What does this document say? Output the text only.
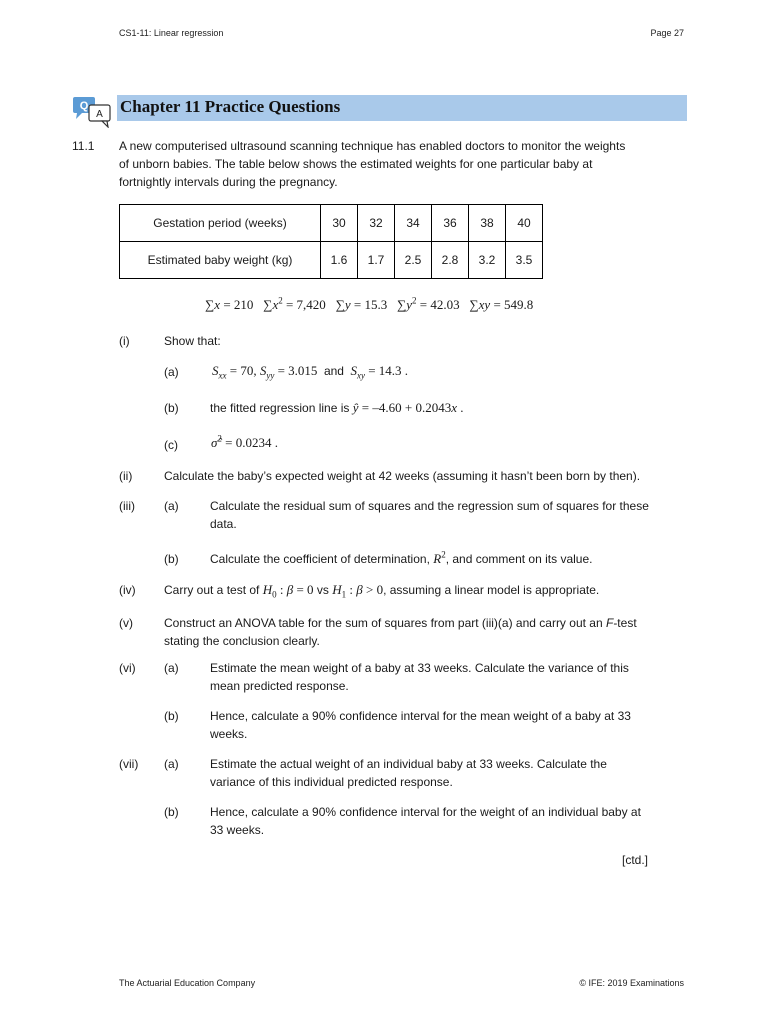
CS1-11: Linear regression	Page 27
The Actuarial Education Company	© IFE: 2019 Examinations
Q
A Chapter 11 Practice Questions
11.1 A new computerised ultrasound scanning technique has enabled doctors to monitor the weights
of unborn babies. The table below shows the estimated weights for one particular baby at
fortnightly intervals during the pregnancy.
Gestation period (weeks)	30	32	34	36	38	40
Estimated baby weight (kg)	1.6	1.7	2.5	2.8	3.2	3.5
∑x = 210 $\sum x^2 = 7,420$ ∑y = 15.3 $\sum y^2 = 42.03$ ∑xy = 549.8
(i)	Show that:
(a)	$S_{xx} = 70$, $S_{yy} = 3.015$ and $S_{xy} = 14.3$ .
(b)	the fitted regression line is ŷ = –4.60 + 0.2043x .
(c)	σ̂$^2$ = 0.0234 .
(ii)	Calculate the baby’s expected weight at 42 weeks (assuming it hasn’t been born by then).
(iii) (a)	Calculate the residual sum of squares and the regression sum of squares for these
data.
(b)	Calculate the coefficient of determination, $R^2$, and comment on its value.
(iv) Carry out a test of $H_0$ : β = 0 vs $H_1$ : β > 0, assuming a linear model is appropriate.
(v)	Construct an ANOVA table for the sum of squares from part (iii)(a) and carry out an F-test
stating the conclusion clearly.
(vi) (a)	Estimate the mean weight of a baby at 33 weeks. Calculate the variance of this
mean predicted response.
(b)	Hence, calculate a 90% confidence interval for the mean weight of a baby at 33
weeks.
(vii) (a)	Estimate the actual weight of an individual baby at 33 weeks. Calculate the
variance of this individual predicted response.
(b)	Hence, calculate a 90% confidence interval for the weight of an individual baby at
33 weeks.
[ctd.]
